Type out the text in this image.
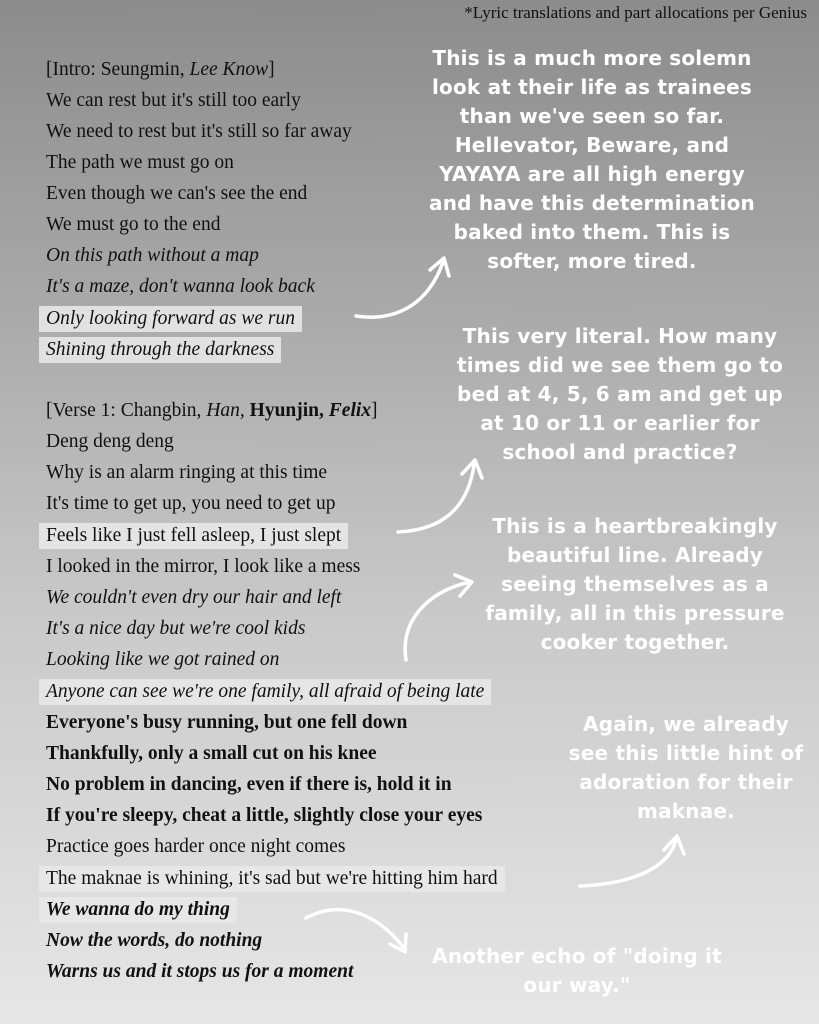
*Lyric translations and part allocations per Genius
[Intro: Seungmin, Lee Know]
We can rest but it's still too early
We need to rest but it's still so far away
The path we must go on
Even though we can's see the end
We must go to the end
On this path without a map
It's a maze, don't wanna look back
Only looking forward as we run
Shining through the darkness
[Verse 1: Changbin, Han, Hyunjin, Felix]
Deng deng deng
Why is an alarm ringing at this time
It's time to get up, you need to get up
Feels like I just fell asleep, I just slept
I looked in the mirror, I look like a mess
We couldn't even dry our hair and left
It's a nice day but we're cool kids
Looking like we got rained on
Anyone can see we're one family, all afraid of being late
Everyone's busy running, but one fell down
Thankfully, only a small cut on his knee
No problem in dancing, even if there is, hold it in
If you're sleepy, cheat a little, slightly close your eyes
Practice goes harder once night comes
The maknae is whining, it's sad but we're hitting him hard
We wanna do my thing
Now the words, do nothing
Warns us and it stops us for a moment
This is a much more solemn
look at their life as trainees
than we've seen so far.
Hellevator, Beware, and
YAYAYA are all high energy
and have this determination
baked into them. This is
softer, more tired.
This very literal. How many
times did we see them go to
bed at 4, 5, 6 am and get up
at 10 or 11 or earlier for
school and practice?
This is a heartbreakingly
beautiful line. Already
seeing themselves as a
family, all in this pressure
cooker together.
Again, we already
see this little hint of
adoration for their
maknae.
Another echo of "doing it
our way."
